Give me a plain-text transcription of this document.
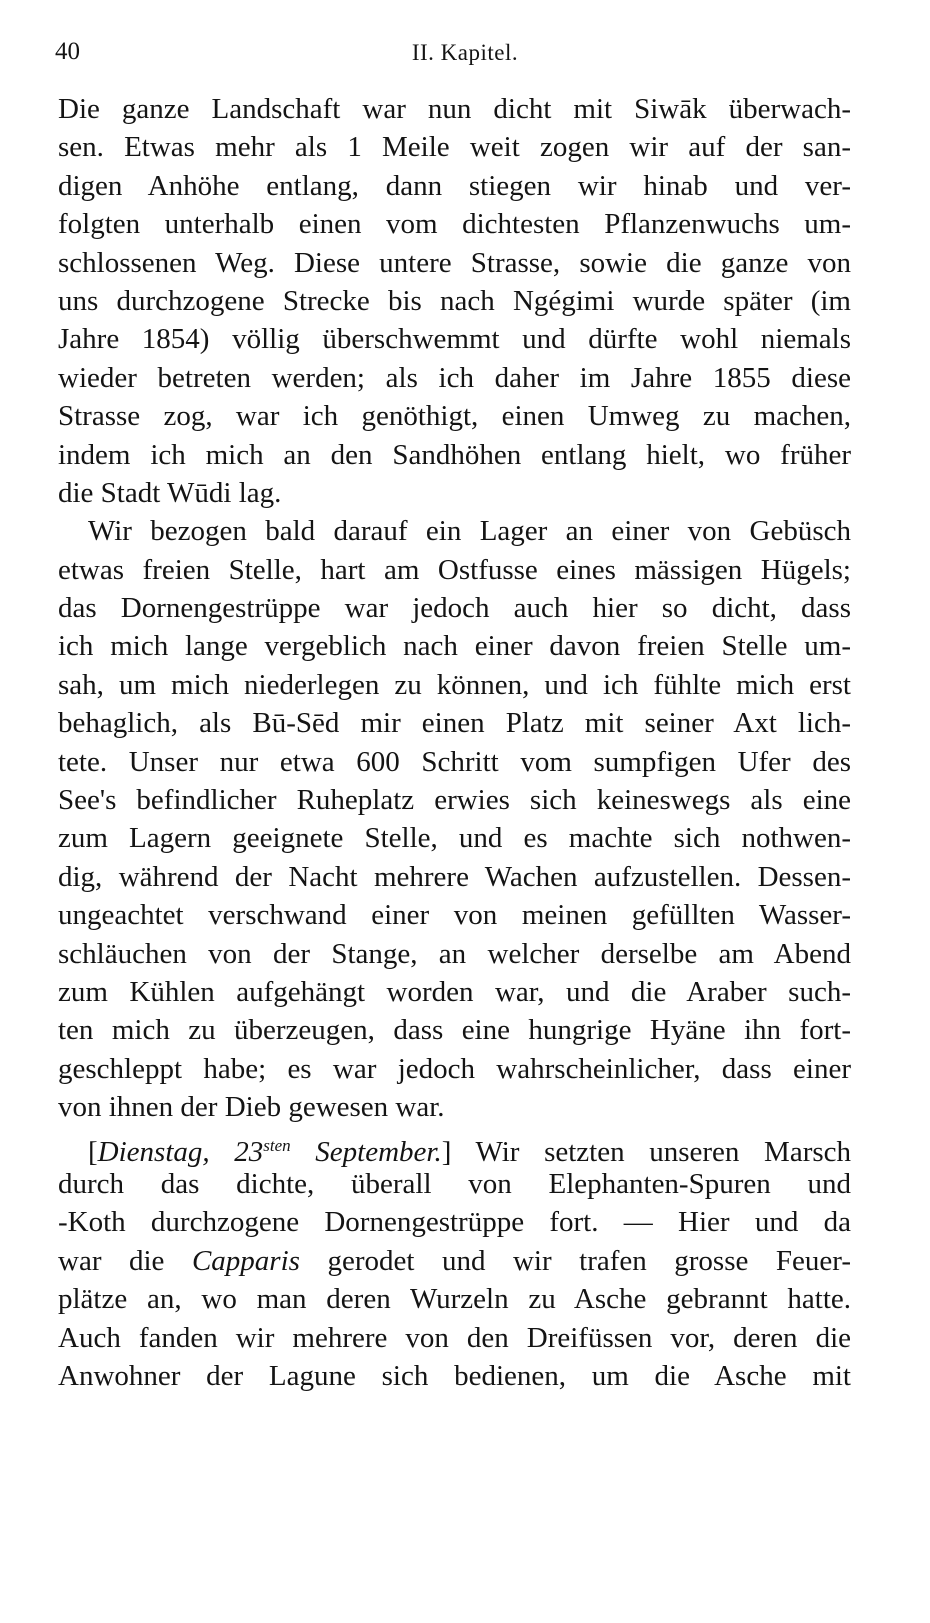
40	II. Kapitel.
Die ganze Landschaft war nun dicht mit Siwāk überwach-
sen. Etwas mehr als 1 Meile weit zogen wir auf der san-
digen Anhöhe entlang, dann stiegen wir hinab und ver-
folgten unterhalb einen vom dichtesten Pflanzenwuchs um-
schlossenen Weg. Diese untere Strasse, sowie die ganze von
uns durchzogene Strecke bis nach Ngégimi wurde später (im
Jahre 1854) völlig überschwemmt und dürfte wohl niemals
wieder betreten werden; als ich daher im Jahre 1855 diese
Strasse zog, war ich genöthigt, einen Umweg zu machen,
indem ich mich an den Sandhöhen entlang hielt, wo früher
die Stadt Wūdi lag.
Wir bezogen bald darauf ein Lager an einer von Gebüsch
etwas freien Stelle, hart am Ostfusse eines mässigen Hügels;
das Dornengestrüppe war jedoch auch hier so dicht, dass
ich mich lange vergeblich nach einer davon freien Stelle um-
sah, um mich niederlegen zu können, und ich fühlte mich erst
behaglich, als Bū-Sēd mir einen Platz mit seiner Axt lich-
tete. Unser nur etwa 600 Schritt vom sumpfigen Ufer des
See's befindlicher Ruheplatz erwies sich keineswegs als eine
zum Lagern geeignete Stelle, und es machte sich nothwen-
dig, während der Nacht mehrere Wachen aufzustellen. Dessen-
ungeachtet verschwand einer von meinen gefüllten Wasser-
schläuchen von der Stange, an welcher derselbe am Abend
zum Kühlen aufgehängt worden war, und die Araber such-
ten mich zu überzeugen, dass eine hungrige Hyäne ihn fort-
geschleppt habe; es war jedoch wahrscheinlicher, dass einer
von ihnen der Dieb gewesen war.
[Dienstag, $23^{sten}$ September.] Wir setzten unseren Marsch
durch das dichte, überall von Elephanten-Spuren und
-Koth durchzogene Dornengestrüppe fort. — Hier und da
war die Capparis gerodet und wir trafen grosse Feuer-
plätze an, wo man deren Wurzeln zu Asche gebrannt hatte.
Auch fanden wir mehrere von den Dreifüssen vor, deren die
Anwohner der Lagune sich bedienen, um die Asche mit
